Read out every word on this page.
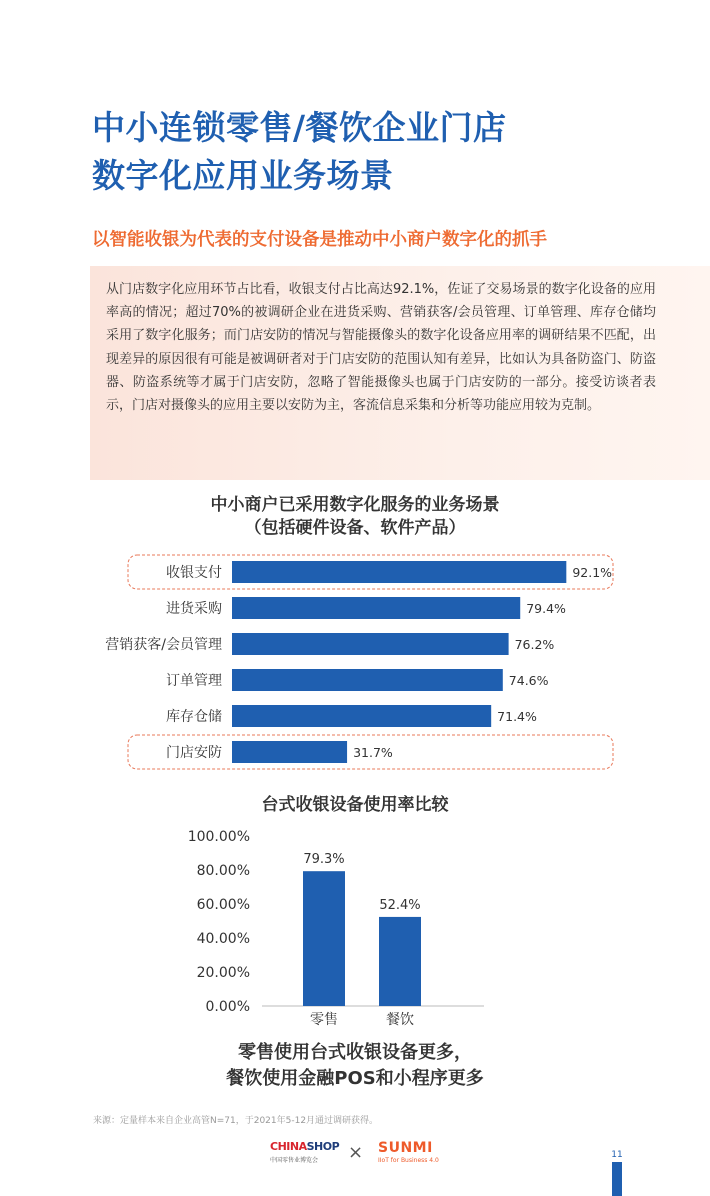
中小连锁零售/餐饮企业门店
数字化应用业务场景
以智能收银为代表的支付设备是推动中小商户数字化的抓手

从门店数字化应用环节占比看，收银支付占比高达92.1%，佐证了交易场景的数字化设备的应用率高的情况；超过70%的被调研企业在进货采购、营销获客/会员管理、订单管理、库存仓储均采用了数字化服务；而门店安防的情况与智能摄像头的数字化设备应用率的调研结果不匹配，出现差异的原因很有可能是被调研者对于门店安防的范围认知有差异，比如认为具备防盗门、防盗器、防盗系统等才属于门店安防，忽略了智能摄像头也属于门店安防的一部分。接受访谈者表示，门店对摄像头的应用主要以安防为主，客流信息采集和分析等功能应用较为克制。

中小商户已采用数字化服务的业务场景
（包括硬件设备、软件产品）
收银支付	92.1%
进货采购	79.4%
营销获客/会员管理	76.2%
订单管理	74.6%
库存仓储	71.4%
门店安防	31.7%
台式收银设备使用率比较
0.00%
20.00%
40.00%
60.00%
80.00%
100.00%
79.3%
零售
52.4%
餐饮
零售使用台式收银设备更多，
餐饮使用金融POS和小程序更多

来源：定量样本来自企业高管N=71，于2021年5-12月通过调研获得。

CHINASHOP
中国零售业博览会 × SUNMI
IIoT for Business 4.0

11
